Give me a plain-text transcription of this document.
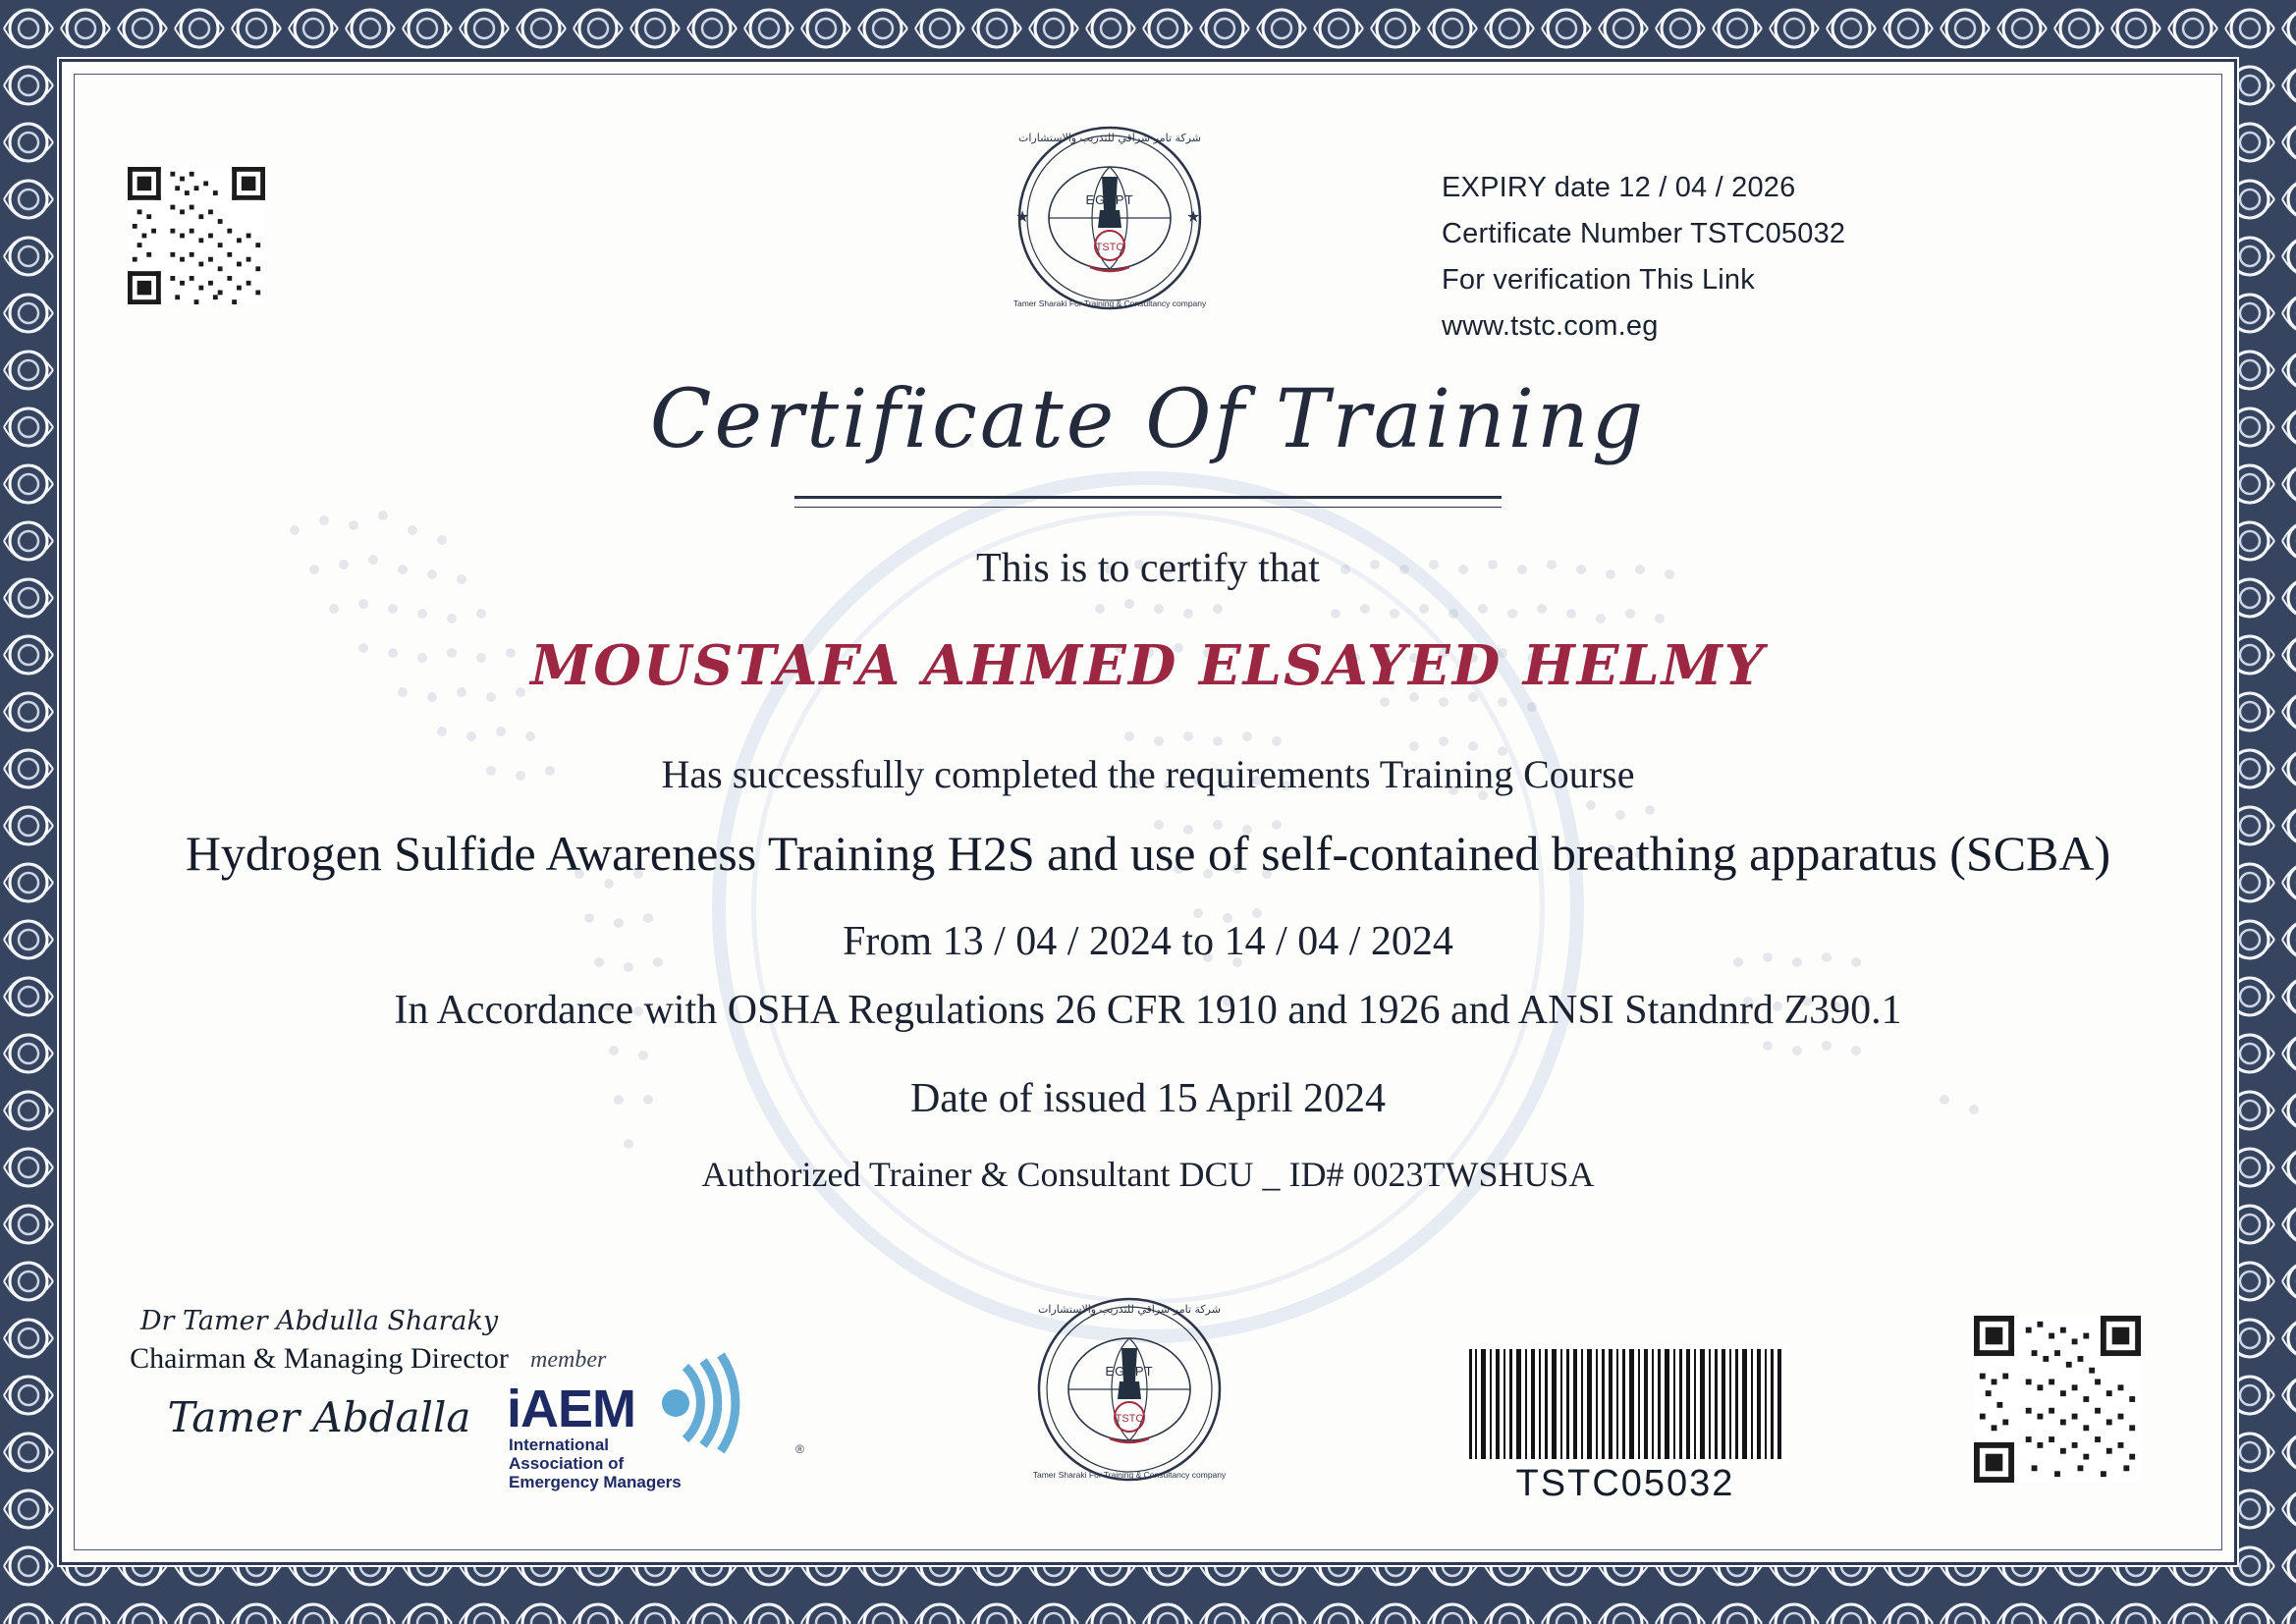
TSTC
EGYPT
شركة تامر شراقي للتدريب والاستشارات
Tamer Sharaki For Training & Consultancy company
★	★
EXPIRY date 12 / 04 / 2026
Certificate Number TSTC05032
For verification This Link
www.tstc.com.eg
Certificate Of Training
This is to certify that
MOUSTAFA AHMED ELSAYED HELMY
Has successfully completed the requirements Training Course
Hydrogen Sulfide Awareness Training H2S and use of self-contained breathing apparatus (SCBA)
From 13 / 04 / 2024 to 14 / 04 / 2024
In Accordance with OSHA Regulations 26 CFR 1910 and 1926 and ANSI Standnrd Z390.1
Date of issued 15 April 2024
Authorized Trainer & Consultant DCU _ ID# 0023TWSHUSA
Dr Tamer Abdulla Sharaky
Chairman & Managing Director
Tamer Abdalla
®
member
iAEM
International
Association of
Emergency Managers
TSTC
EGYPT
شركة تامر شراقي للتدريب والاستشارات
Tamer Sharaki For Training & Consultancy company	TSTC05032
